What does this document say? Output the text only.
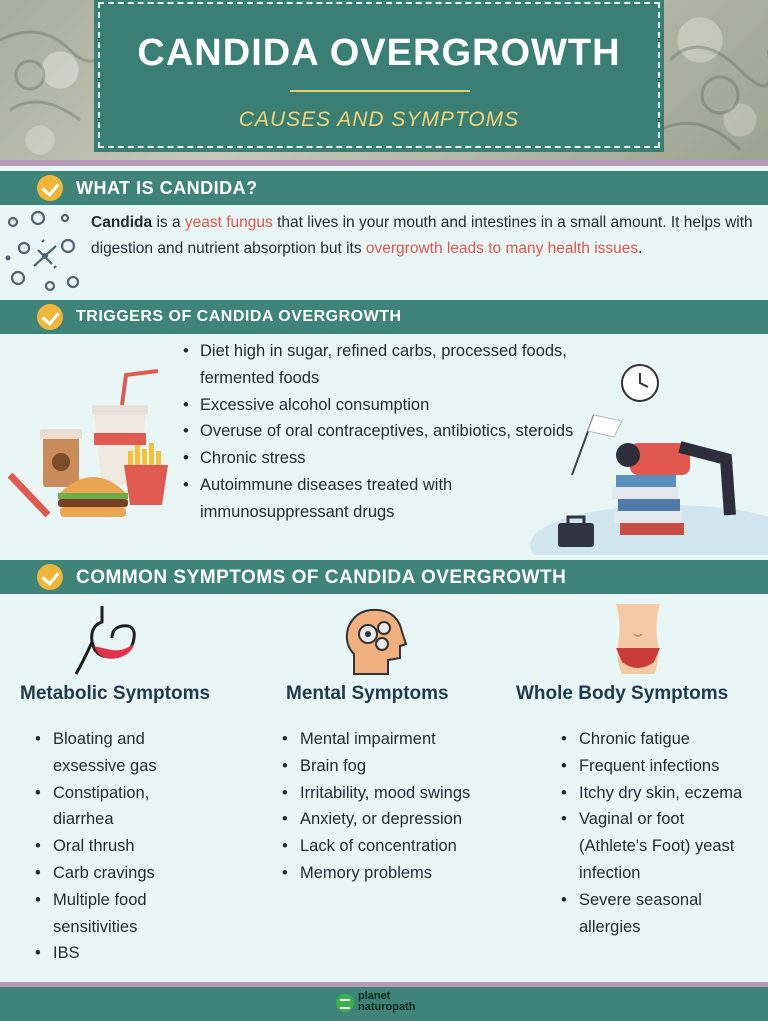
CANDIDA OVERGROWTH
CAUSES AND SYMPTOMS
WHAT IS CANDIDA?

Candida is a yeast fungus that lives in your mouth and intestines in a small amount. It helps with digestion and nutrient absorption but its overgrowth leads to many health issues.

TRIGGERS OF CANDIDA OVERGROWTH
• Diet high in sugar, refined carbs, processed foods, fermented foods
• Excessive alcohol consumption
• Overuse of oral contraceptives, antibiotics, steroids
• Chronic stress
• Autoimmune diseases treated with immunosuppressant drugs
COMMON SYMPTOMS OF CANDIDA OVERGROWTH
Metabolic Symptoms	Mental Symptoms	Whole Body Symptoms
• Bloating and exsessive gas
• Constipation, diarrhea
• Oral thrush
• Carb cravings
• Multiple food sensitivities
• IBS
• Mental impairment
• Brain fog
• Irritability, mood swings
• Anxiety, or depression
• Lack of concentration
• Memory problems
• Chronic fatigue
• Frequent infections
• Itchy dry skin, eczema
• Vaginal or foot (Athlete's Foot) yeast infection
• Severe seasonal allergies
planet
naturopath
